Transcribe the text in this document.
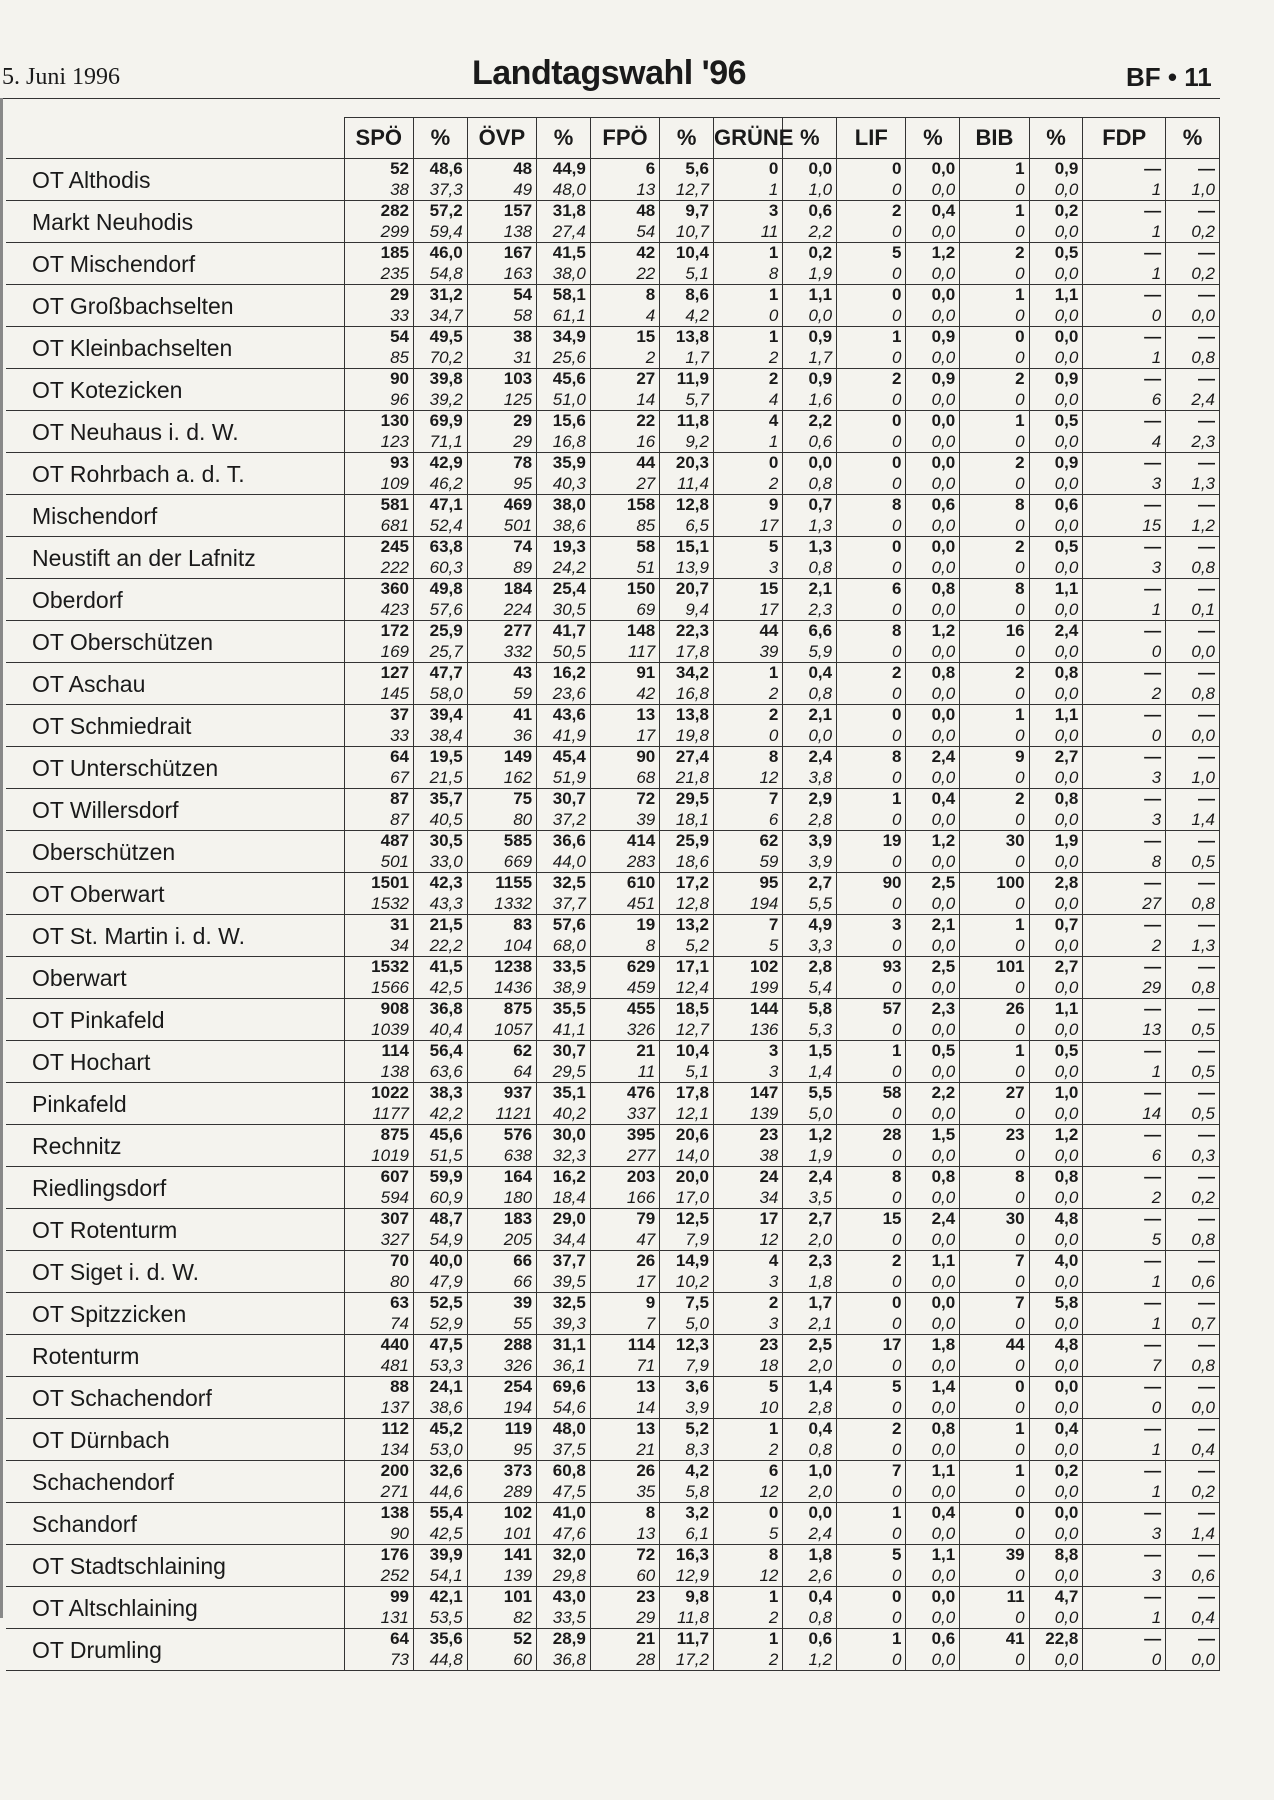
5. Juni 1996	Landtagswahl '96	BF • 11
	SPÖ	%	ÖVP	%	FPÖ	%	GRÜNE	%	LIF	%	BIB	%	FDP	%
OT Althodis	52	48,6	48	44,9	6	5,6	0	0,0	0	0,0	1	0,9	—	—
	38	37,3	49	48,0	13	12,7	1	1,0	0	0,0	0	0,0	1	1,0
Markt Neuhodis	282	57,2	157	31,8	48	9,7	3	0,6	2	0,4	1	0,2	—	—
	299	59,4	138	27,4	54	10,7	11	2,2	0	0,0	0	0,0	1	0,2
OT Mischendorf	185	46,0	167	41,5	42	10,4	1	0,2	5	1,2	2	0,5	—	—
	235	54,8	163	38,0	22	5,1	8	1,9	0	0,0	0	0,0	1	0,2
OT Großbachselten	29	31,2	54	58,1	8	8,6	1	1,1	0	0,0	1	1,1	—	—
	33	34,7	58	61,1	4	4,2	0	0,0	0	0,0	0	0,0	0	0,0
OT Kleinbachselten	54	49,5	38	34,9	15	13,8	1	0,9	1	0,9	0	0,0	—	—
	85	70,2	31	25,6	2	1,7	2	1,7	0	0,0	0	0,0	1	0,8
OT Kotezicken	90	39,8	103	45,6	27	11,9	2	0,9	2	0,9	2	0,9	—	—
	96	39,2	125	51,0	14	5,7	4	1,6	0	0,0	0	0,0	6	2,4
OT Neuhaus i. d. W.	130	69,9	29	15,6	22	11,8	4	2,2	0	0,0	1	0,5	—	—
	123	71,1	29	16,8	16	9,2	1	0,6	0	0,0	0	0,0	4	2,3
OT Rohrbach a. d. T.	93	42,9	78	35,9	44	20,3	0	0,0	0	0,0	2	0,9	—	—
	109	46,2	95	40,3	27	11,4	2	0,8	0	0,0	0	0,0	3	1,3
Mischendorf	581	47,1	469	38,0	158	12,8	9	0,7	8	0,6	8	0,6	—	—
	681	52,4	501	38,6	85	6,5	17	1,3	0	0,0	0	0,0	15	1,2
Neustift an der Lafnitz	245	63,8	74	19,3	58	15,1	5	1,3	0	0,0	2	0,5	—	—
	222	60,3	89	24,2	51	13,9	3	0,8	0	0,0	0	0,0	3	0,8
Oberdorf	360	49,8	184	25,4	150	20,7	15	2,1	6	0,8	8	1,1	—	—
	423	57,6	224	30,5	69	9,4	17	2,3	0	0,0	0	0,0	1	0,1
OT Oberschützen	172	25,9	277	41,7	148	22,3	44	6,6	8	1,2	16	2,4	—	—
	169	25,7	332	50,5	117	17,8	39	5,9	0	0,0	0	0,0	0	0,0
OT Aschau	127	47,7	43	16,2	91	34,2	1	0,4	2	0,8	2	0,8	—	—
	145	58,0	59	23,6	42	16,8	2	0,8	0	0,0	0	0,0	2	0,8
OT Schmiedrait	37	39,4	41	43,6	13	13,8	2	2,1	0	0,0	1	1,1	—	—
	33	38,4	36	41,9	17	19,8	0	0,0	0	0,0	0	0,0	0	0,0
OT Unterschützen	64	19,5	149	45,4	90	27,4	8	2,4	8	2,4	9	2,7	—	—
	67	21,5	162	51,9	68	21,8	12	3,8	0	0,0	0	0,0	3	1,0
OT Willersdorf	87	35,7	75	30,7	72	29,5	7	2,9	1	0,4	2	0,8	—	—
	87	40,5	80	37,2	39	18,1	6	2,8	0	0,0	0	0,0	3	1,4
Oberschützen	487	30,5	585	36,6	414	25,9	62	3,9	19	1,2	30	1,9	—	—
	501	33,0	669	44,0	283	18,6	59	3,9	0	0,0	0	0,0	8	0,5
OT Oberwart	1501	42,3	1155	32,5	610	17,2	95	2,7	90	2,5	100	2,8	—	—
	1532	43,3	1332	37,7	451	12,8	194	5,5	0	0,0	0	0,0	27	0,8
OT St. Martin i. d. W.	31	21,5	83	57,6	19	13,2	7	4,9	3	2,1	1	0,7	—	—
	34	22,2	104	68,0	8	5,2	5	3,3	0	0,0	0	0,0	2	1,3
Oberwart	1532	41,5	1238	33,5	629	17,1	102	2,8	93	2,5	101	2,7	—	—
	1566	42,5	1436	38,9	459	12,4	199	5,4	0	0,0	0	0,0	29	0,8
OT Pinkafeld	908	36,8	875	35,5	455	18,5	144	5,8	57	2,3	26	1,1	—	—
	1039	40,4	1057	41,1	326	12,7	136	5,3	0	0,0	0	0,0	13	0,5
OT Hochart	114	56,4	62	30,7	21	10,4	3	1,5	1	0,5	1	0,5	—	—
	138	63,6	64	29,5	11	5,1	3	1,4	0	0,0	0	0,0	1	0,5
Pinkafeld	1022	38,3	937	35,1	476	17,8	147	5,5	58	2,2	27	1,0	—	—
	1177	42,2	1121	40,2	337	12,1	139	5,0	0	0,0	0	0,0	14	0,5
Rechnitz	875	45,6	576	30,0	395	20,6	23	1,2	28	1,5	23	1,2	—	—
	1019	51,5	638	32,3	277	14,0	38	1,9	0	0,0	0	0,0	6	0,3
Riedlingsdorf	607	59,9	164	16,2	203	20,0	24	2,4	8	0,8	8	0,8	—	—
	594	60,9	180	18,4	166	17,0	34	3,5	0	0,0	0	0,0	2	0,2
OT Rotenturm	307	48,7	183	29,0	79	12,5	17	2,7	15	2,4	30	4,8	—	—
	327	54,9	205	34,4	47	7,9	12	2,0	0	0,0	0	0,0	5	0,8
OT Siget i. d. W.	70	40,0	66	37,7	26	14,9	4	2,3	2	1,1	7	4,0	—	—
	80	47,9	66	39,5	17	10,2	3	1,8	0	0,0	0	0,0	1	0,6
OT Spitzzicken	63	52,5	39	32,5	9	7,5	2	1,7	0	0,0	7	5,8	—	—
	74	52,9	55	39,3	7	5,0	3	2,1	0	0,0	0	0,0	1	0,7
Rotenturm	440	47,5	288	31,1	114	12,3	23	2,5	17	1,8	44	4,8	—	—
	481	53,3	326	36,1	71	7,9	18	2,0	0	0,0	0	0,0	7	0,8
OT Schachendorf	88	24,1	254	69,6	13	3,6	5	1,4	5	1,4	0	0,0	—	—
	137	38,6	194	54,6	14	3,9	10	2,8	0	0,0	0	0,0	0	0,0
OT Dürnbach	112	45,2	119	48,0	13	5,2	1	0,4	2	0,8	1	0,4	—	—
	134	53,0	95	37,5	21	8,3	2	0,8	0	0,0	0	0,0	1	0,4
Schachendorf	200	32,6	373	60,8	26	4,2	6	1,0	7	1,1	1	0,2	—	—
	271	44,6	289	47,5	35	5,8	12	2,0	0	0,0	0	0,0	1	0,2
Schandorf	138	55,4	102	41,0	8	3,2	0	0,0	1	0,4	0	0,0	—	—
	90	42,5	101	47,6	13	6,1	5	2,4	0	0,0	0	0,0	3	1,4
OT Stadtschlaining	176	39,9	141	32,0	72	16,3	8	1,8	5	1,1	39	8,8	—	—
	252	54,1	139	29,8	60	12,9	12	2,6	0	0,0	0	0,0	3	0,6
OT Altschlaining	99	42,1	101	43,0	23	9,8	1	0,4	0	0,0	11	4,7	—	—
	131	53,5	82	33,5	29	11,8	2	0,8	0	0,0	0	0,0	1	0,4
OT Drumling	64	35,6	52	28,9	21	11,7	1	0,6	1	0,6	41	22,8	—	—
	73	44,8	60	36,8	28	17,2	2	1,2	0	0,0	0	0,0	0	0,0
